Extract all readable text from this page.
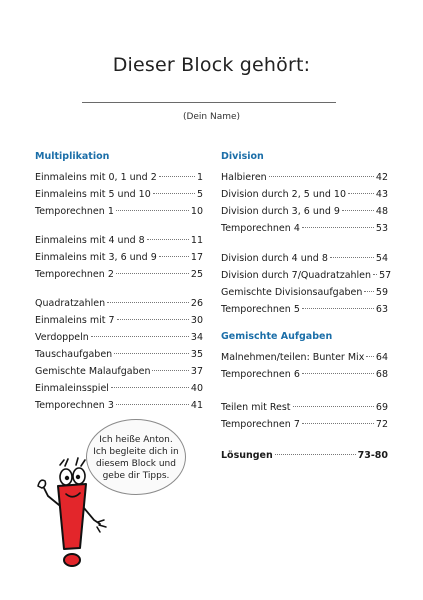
Dieser Block gehört:
(Dein Name)
Multiplikation
Einmaleins mit 0, 1 und 2	1
Einmaleins mit 5 und 10	5
Temporechnen 1	10
Einmaleins mit 4 und 8	11
Einmaleins mit 3, 6 und 9	17
Temporechnen 2	25
Quadratzahlen	26
Einmaleins mit 7	30
Verdoppeln	34
Tauschaufgaben	35
Gemischte Malaufgaben	37
Einmaleinsspiel	40
Temporechnen 3	41
Division
Halbieren	42
Division durch 2, 5 und 10	43
Division durch 3, 6 und 9	48
Temporechnen 4	53
Division durch 4 und 8	54
Division durch 7/Quadratzahlen 57
Gemischte Divisionsaufgaben 59
Temporechnen 5	63
Gemischte Aufgaben
Malnehmen/teilen: Bunter Mix 64
Temporechnen 6	68
Teilen mit Rest	69
Temporechnen 7	72
Lösungen	73-80
Ich heiße Anton.
Ich begleite dich in
diesem Block und
gebe dir Tipps.
